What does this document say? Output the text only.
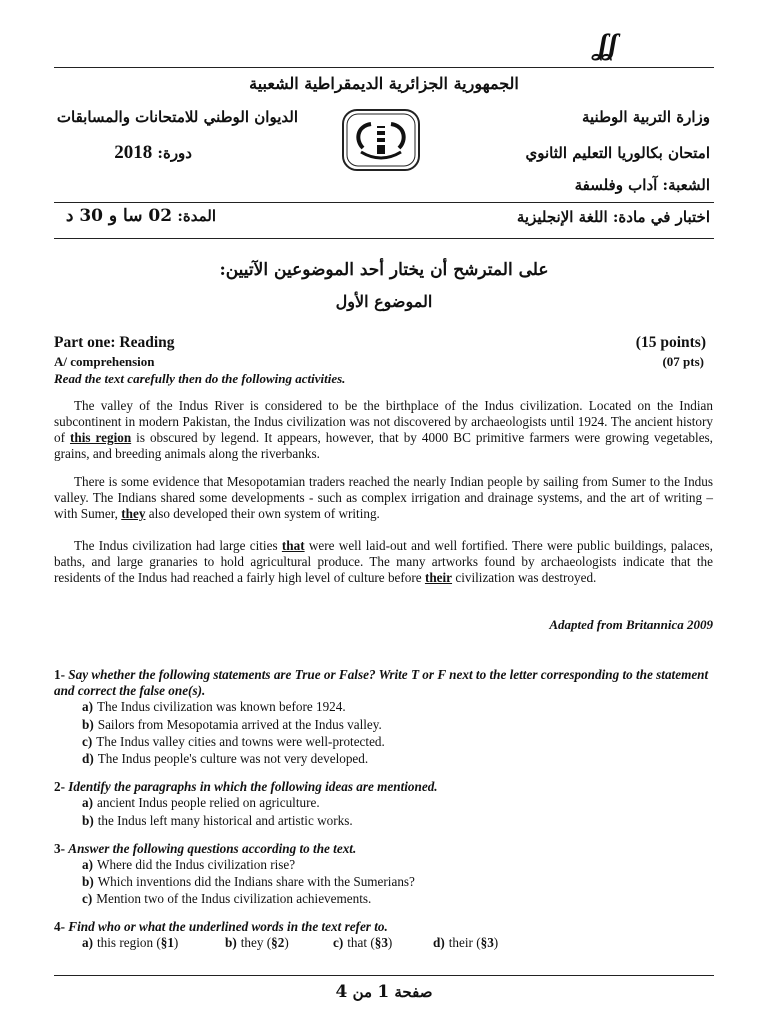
ʆʆ
الجمهورية الجزائرية الديمقراطية الشعبية
وزارة التربية الوطنية
امتحان بكالوريا التعليم الثانوي
الشعبة: آداب وفلسفة
الديوان الوطني للامتحانات والمسابقات
دورة: 2018
اختبار في مادة: اللغة الإنجليزية
المدة: 02 سا و 30 د
على المترشح أن يختار أحد الموضوعين الآتيين:
الموضوع الأول
Part one: Reading	(15 points)
A/ comprehension	(07 pts)
Read the text carefully then do the following activities.
The valley of the Indus River is considered to be the birthplace of the Indus civilization. Located on the Indian subcontinent in modern Pakistan, the Indus civilization was not discovered by archaeologists until 1924. The ancient history of this region is obscured by legend. It appears, however, that by 4000 BC primitive farmers were growing vegetables, grains, and breeding animals along the riverbanks.
There is some evidence that Mesopotamian traders reached the nearly Indian people by sailing from Sumer to the Indus valley. The Indians shared some developments - such as complex irrigation and drainage systems, and the art of writing – with Sumer, they also developed their own system of writing.
The Indus civilization had large cities that were well laid-out and well fortified. There were public buildings, palaces, baths, and large granaries to hold agricultural produce. The many artworks found by archaeologists indicate that the residents of the Indus had reached a fairly high level of culture before their civilization was destroyed.
Adapted from Britannica 2009
1- Say whether the following statements are True or False? Write T or F next to the letter corresponding to the statement and correct the false one(s).
a) The Indus civilization was known before 1924.
b) Sailors from Mesopotamia arrived at the Indus valley.
c) The Indus valley cities and towns were well-protected.
d) The Indus people's culture was not very developed.
2- Identify the paragraphs in which the following ideas are mentioned.
a) ancient Indus people relied on agriculture.
b) the Indus left many historical and artistic works.
3- Answer the following questions according to the text.
a) Where did the Indus civilization rise?
b) Which inventions did the Indians share with the Sumerians?
c) Mention two of the Indus civilization achievements.
4- Find who or what the underlined words in the text refer to.
a) this region (§1)	b) they (§2)	c) that (§3)	d) their (§3)
صفحة 1 من 4
